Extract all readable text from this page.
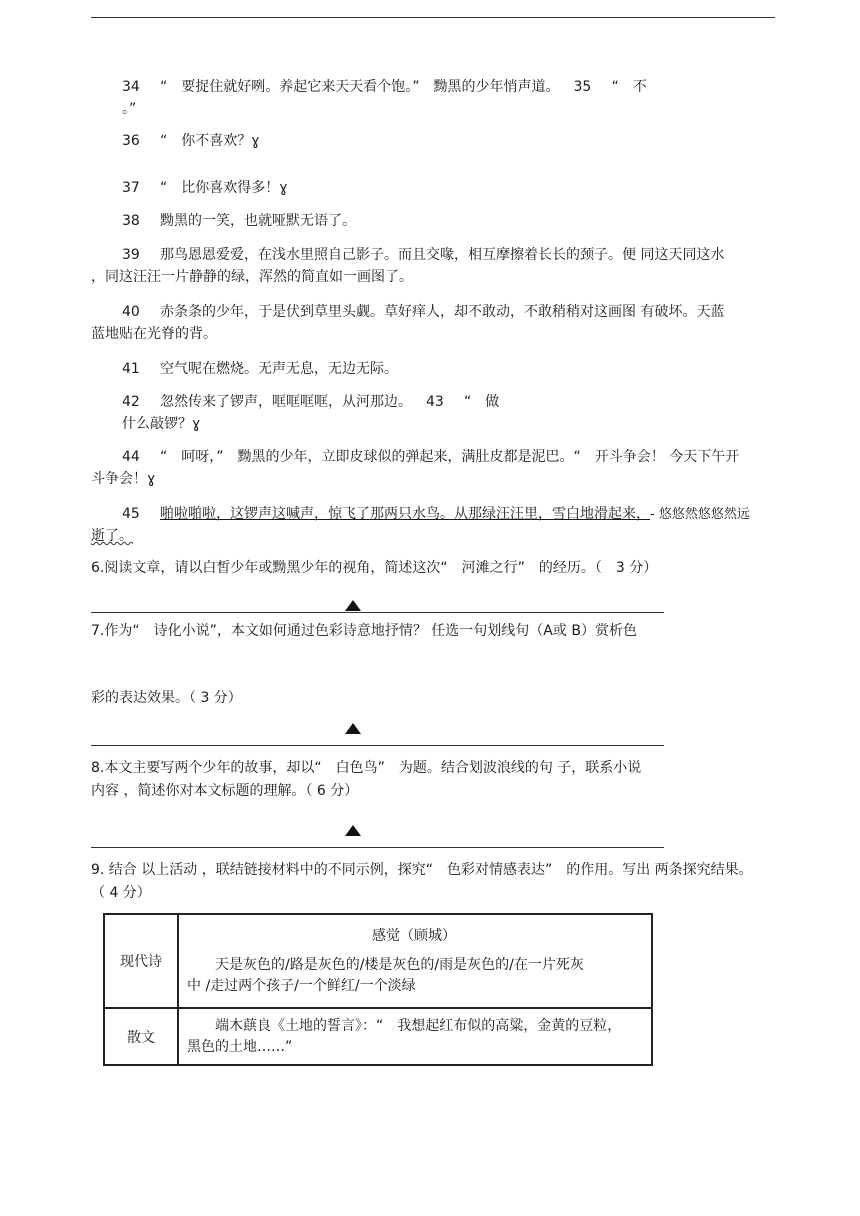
34 “　要捉住就好咧。养起它来天天看个饱。”　黝黑的少年悄声道。 35 “　不
。”
36 “　你不喜欢？ɣ
37 “　比你喜欢得多！ɣ
38 黝黑的一笑，也就哑默无语了。
39 那鸟恩恩爱爱，在浅水里照自己影子。而且交喙，相互摩擦着长长的颈子。便 同这天同这水
，同这汪汪一片静静的绿，浑然的简直如一画图了。
40 赤条条的少年，于是伏到草里头觑。草好痒人，却不敢动，不敢稍稍对这画图 有破坏。天蓝
蓝地贴在光脊的背。
41 空气呢在燃烧。无声无息，无边无际。
42 忽然传来了锣声，哐哐哐哐，从河那边。 43 “　做
什么敲锣？ɣ
44 “　呵呀，”　黝黑的少年，立即皮球似的弹起来，满肚皮都是泥巴。“　开斗争会！ 今天下午开
斗争会！ɣ
45 啪啦啪啦，这锣声这喊声，惊飞了那两只水鸟。从那绿汪汪里，雪白地滑起来，- 悠悠然悠悠然远
逝了。
6.阅读文章，请以白皙少年或黝黑少年的视角，简述这次“　河滩之行”　的经历。（　3 分）
7.作为“　诗化小说”，本文如何通过色彩诗意地抒情？ 任选一句划线句（A或 B）赏析色
彩的表达效果。（ 3 分）
8.本文主要写两个少年的故事，却以“　白色鸟”　为题。结合划波浪线的句 子，联系小说
内容 ，简述你对本文标题的理解。（ 6 分）
9. 结合 以上活动 ，联结链接材料中的不同示例，探究“　色彩对情感表达”　的作用。写出 两条探究结果。
（ 4 分）
现代诗	感觉（顾城）
天是灰色的/路是灰色的/楼是灰色的/雨是灰色的/在一片死灰
中 /走过两个孩子/一个鲜红/一个淡绿

散文	端木蕻良《土地的誓言》：“　我想起红布似的高粱，金黄的豆粒，
黑色的土地……”
